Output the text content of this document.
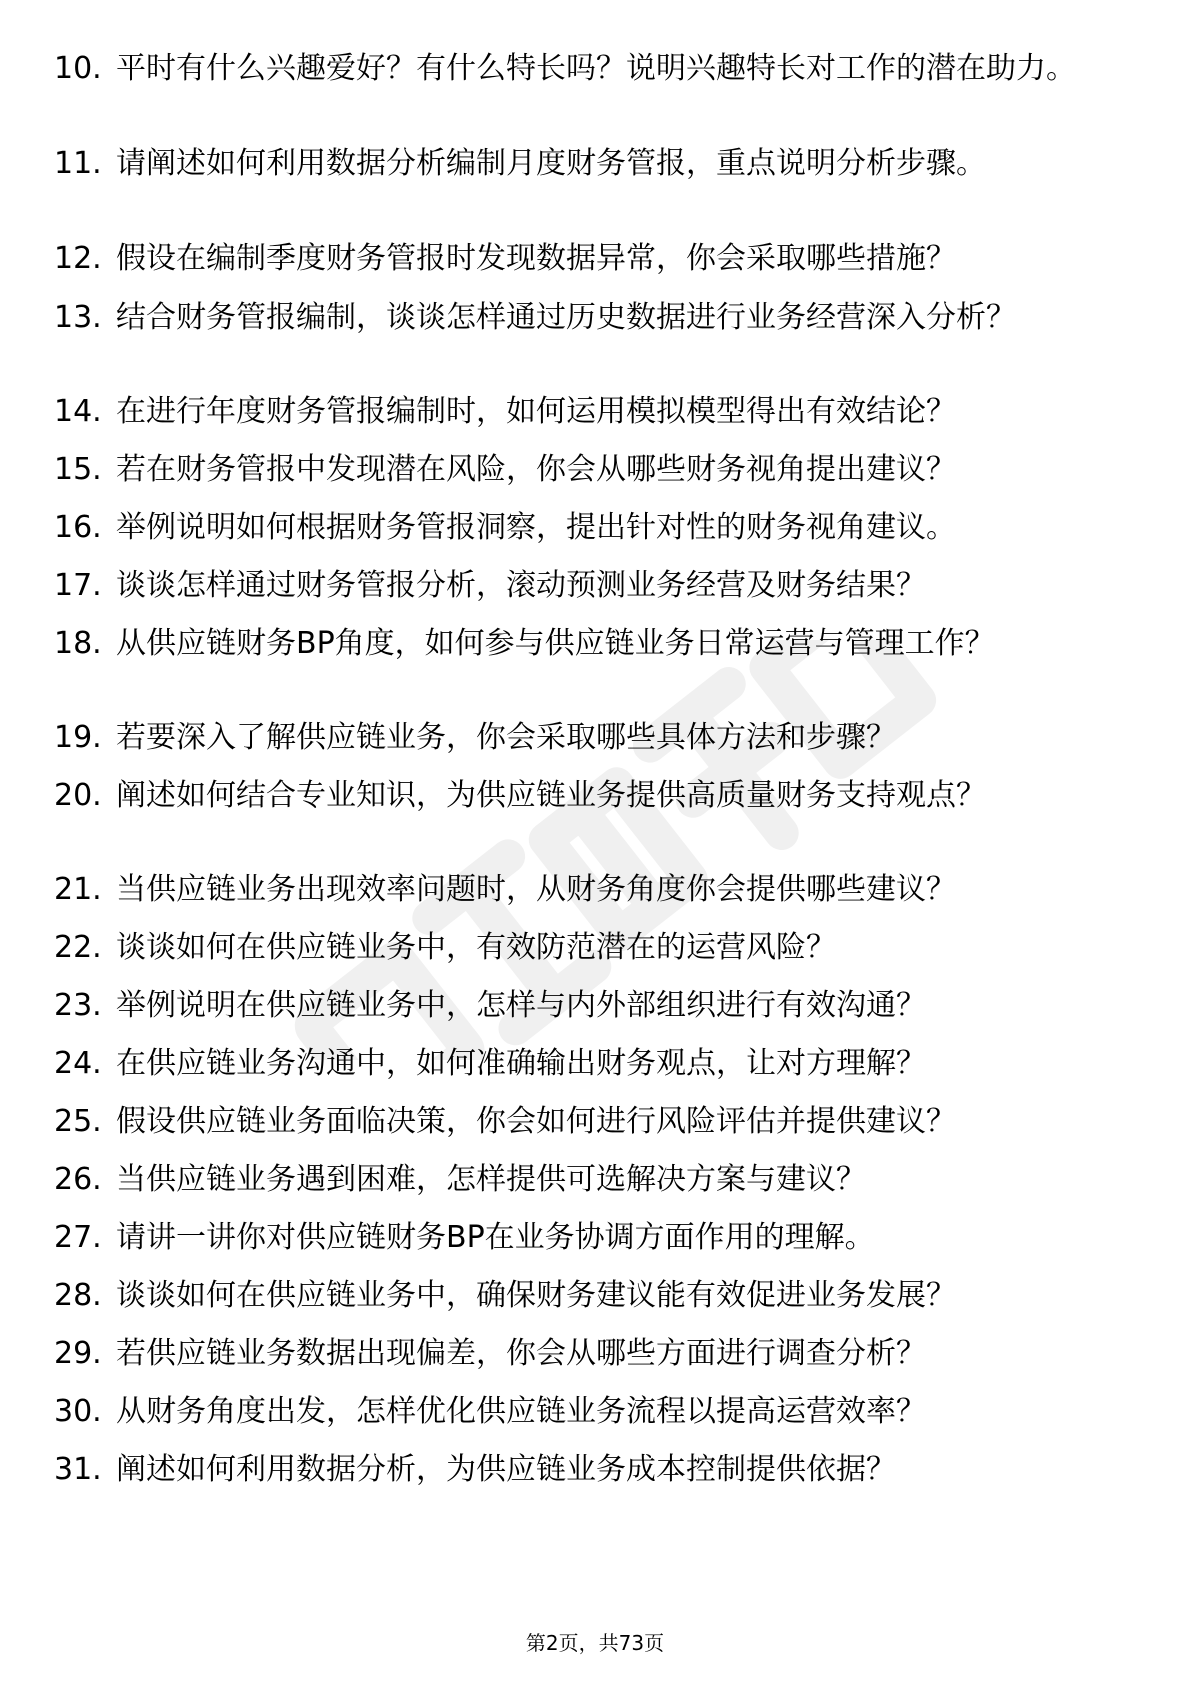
10. 平时有什么兴趣爱好？有什么特长吗？说明兴趣特长对工作的潜在助力。
11. 请阐述如何利用数据分析编制月度财务管报，重点说明分析步骤。
12. 假设在编制季度财务管报时发现数据异常，你会采取哪些措施？
13. 结合财务管报编制，谈谈怎样通过历史数据进行业务经营深入分析？
14. 在进行年度财务管报编制时，如何运用模拟模型得出有效结论？
15. 若在财务管报中发现潜在风险，你会从哪些财务视角提出建议？
16. 举例说明如何根据财务管报洞察，提出针对性的财务视角建议。
17. 谈谈怎样通过财务管报分析，滚动预测业务经营及财务结果？
18. 从供应链财务BP角度，如何参与供应链业务日常运营与管理工作？
19. 若要深入了解供应链业务，你会采取哪些具体方法和步骤？
20. 阐述如何结合专业知识，为供应链业务提供高质量财务支持观点？
21. 当供应链业务出现效率问题时，从财务角度你会提供哪些建议？
22. 谈谈如何在供应链业务中，有效防范潜在的运营风险？
23. 举例说明在供应链业务中，怎样与内外部组织进行有效沟通？
24. 在供应链业务沟通中，如何准确输出财务观点，让对方理解？
25. 假设供应链业务面临决策，你会如何进行风险评估并提供建议？
26. 当供应链业务遇到困难，怎样提供可选解决方案与建议？
27. 请讲一讲你对供应链财务BP在业务协调方面作用的理解。
28. 谈谈如何在供应链业务中，确保财务建议能有效促进业务发展？
29. 若供应链业务数据出现偏差，你会从哪些方面进行调查分析？
30. 从财务角度出发，怎样优化供应链业务流程以提高运营效率？
31. 阐述如何利用数据分析，为供应链业务成本控制提供依据？
第2页，共73页
